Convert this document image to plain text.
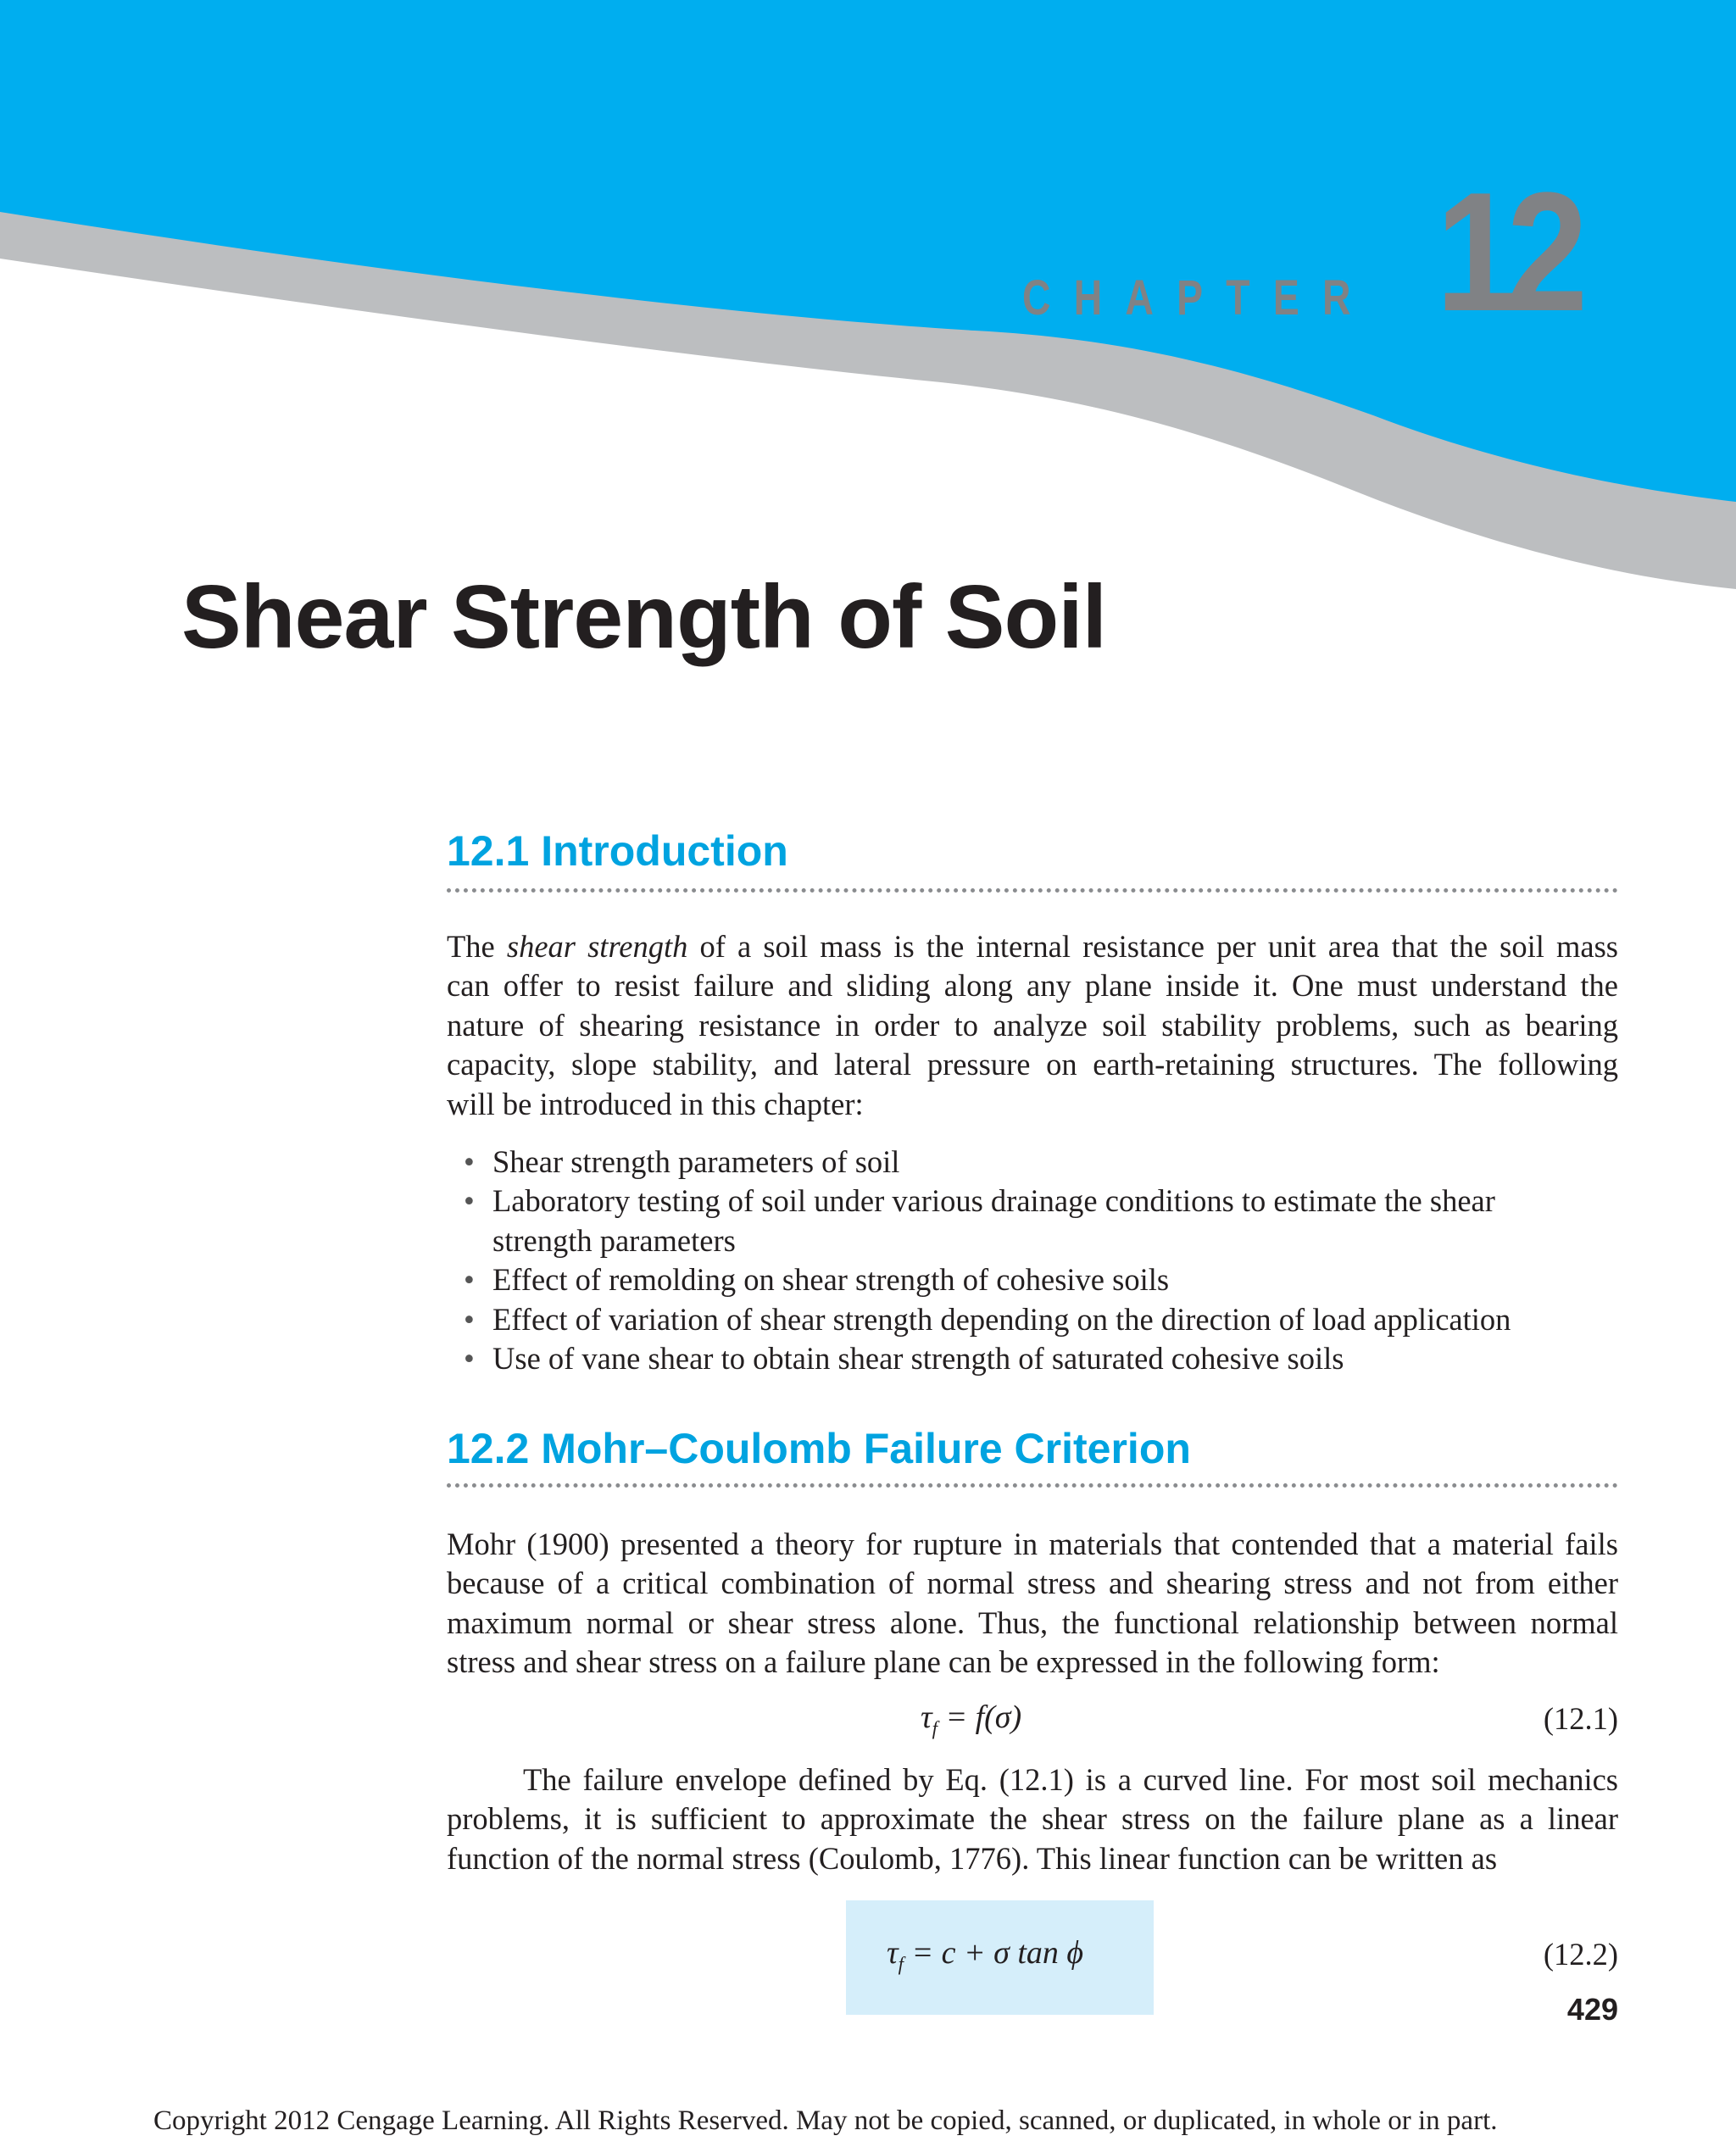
CHAPTER 12
Shear Strength of Soil
12.1 Introduction
The shear strength of a soil mass is the internal resistance per unit area that the soil mass
can offer to resist failure and sliding along any plane inside it. One must understand the
nature of shearing resistance in order to analyze soil stability problems, such as bearing
capacity, slope stability, and lateral pressure on earth-retaining structures. The following
will be introduced in this chapter:
• Shear strength parameters of soil
• Laboratory testing of soil under various drainage conditions to estimate the shear
strength parameters
• Effect of remolding on shear strength of cohesive soils
• Effect of variation of shear strength depending on the direction of load application
• Use of vane shear to obtain shear strength of saturated cohesive soils
12.2 Mohr–Coulomb Failure Criterion
Mohr (1900) presented a theory for rupture in materials that contended that a material fails
because of a critical combination of normal stress and shearing stress and not from either
maximum normal or shear stress alone. Thus, the functional relationship between normal
stress and shear stress on a failure plane can be expressed in the following form:
$\tau_f = f(\sigma)$	(12.1)
The failure envelope defined by Eq. (12.1) is a curved line. For most soil mechanics
problems, it is sufficient to approximate the shear stress on the failure plane as a linear
function of the normal stress (Coulomb, 1776). This linear function can be written as
$\tau_f = c + \sigma$ tan ϕ	(12.2)
429
Copyright 2012 Cengage Learning. All Rights Reserved. May not be copied, scanned, or duplicated, in whole or in part.
